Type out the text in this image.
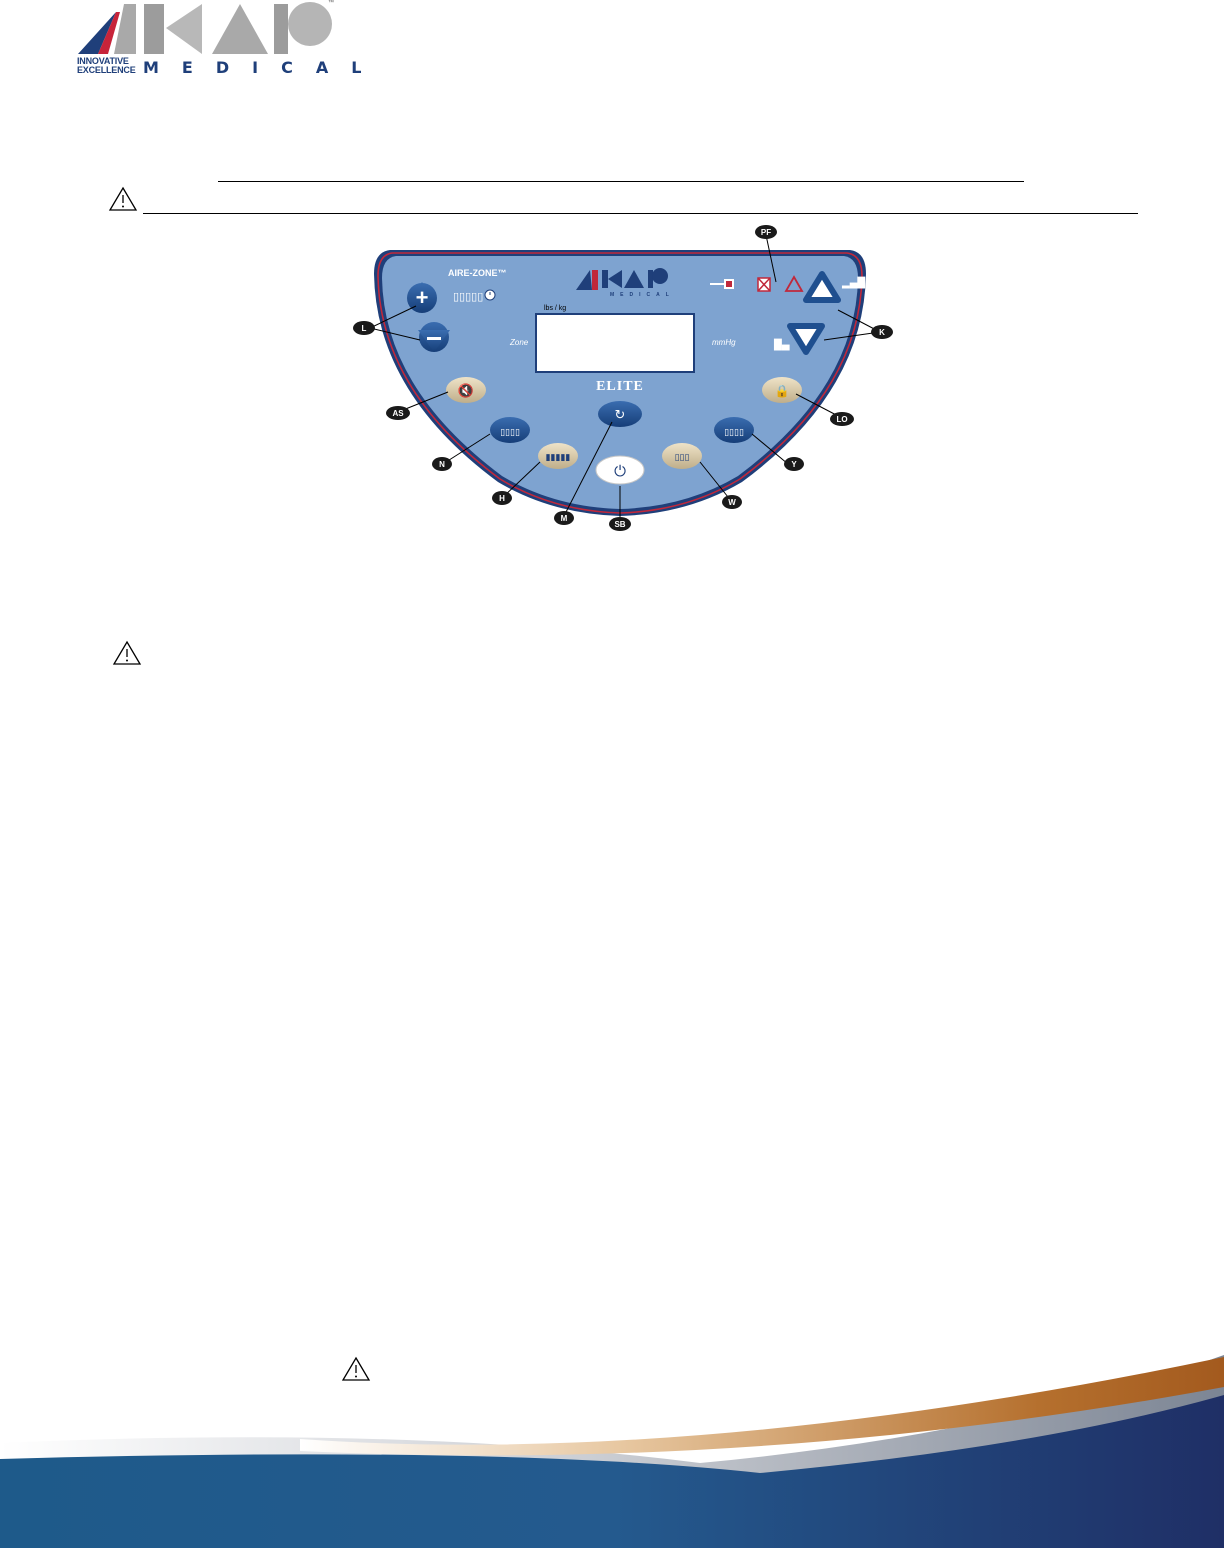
™
INNOVATIVE
EXCELLENCE MEDICAL
AIRE-ZONE™
MEDICAL
▯▯▯▯▯
lbs / kg
Zone	mmHg
ELITE
+
▂▄█
█▄
🔇	🔒
▯▯▯▯	▯▯▯▯
▮▮▮▮▮	▯▯▯
↻
⏻
L	K
PF
AS
LO
N	Y
H	W
M
SB
